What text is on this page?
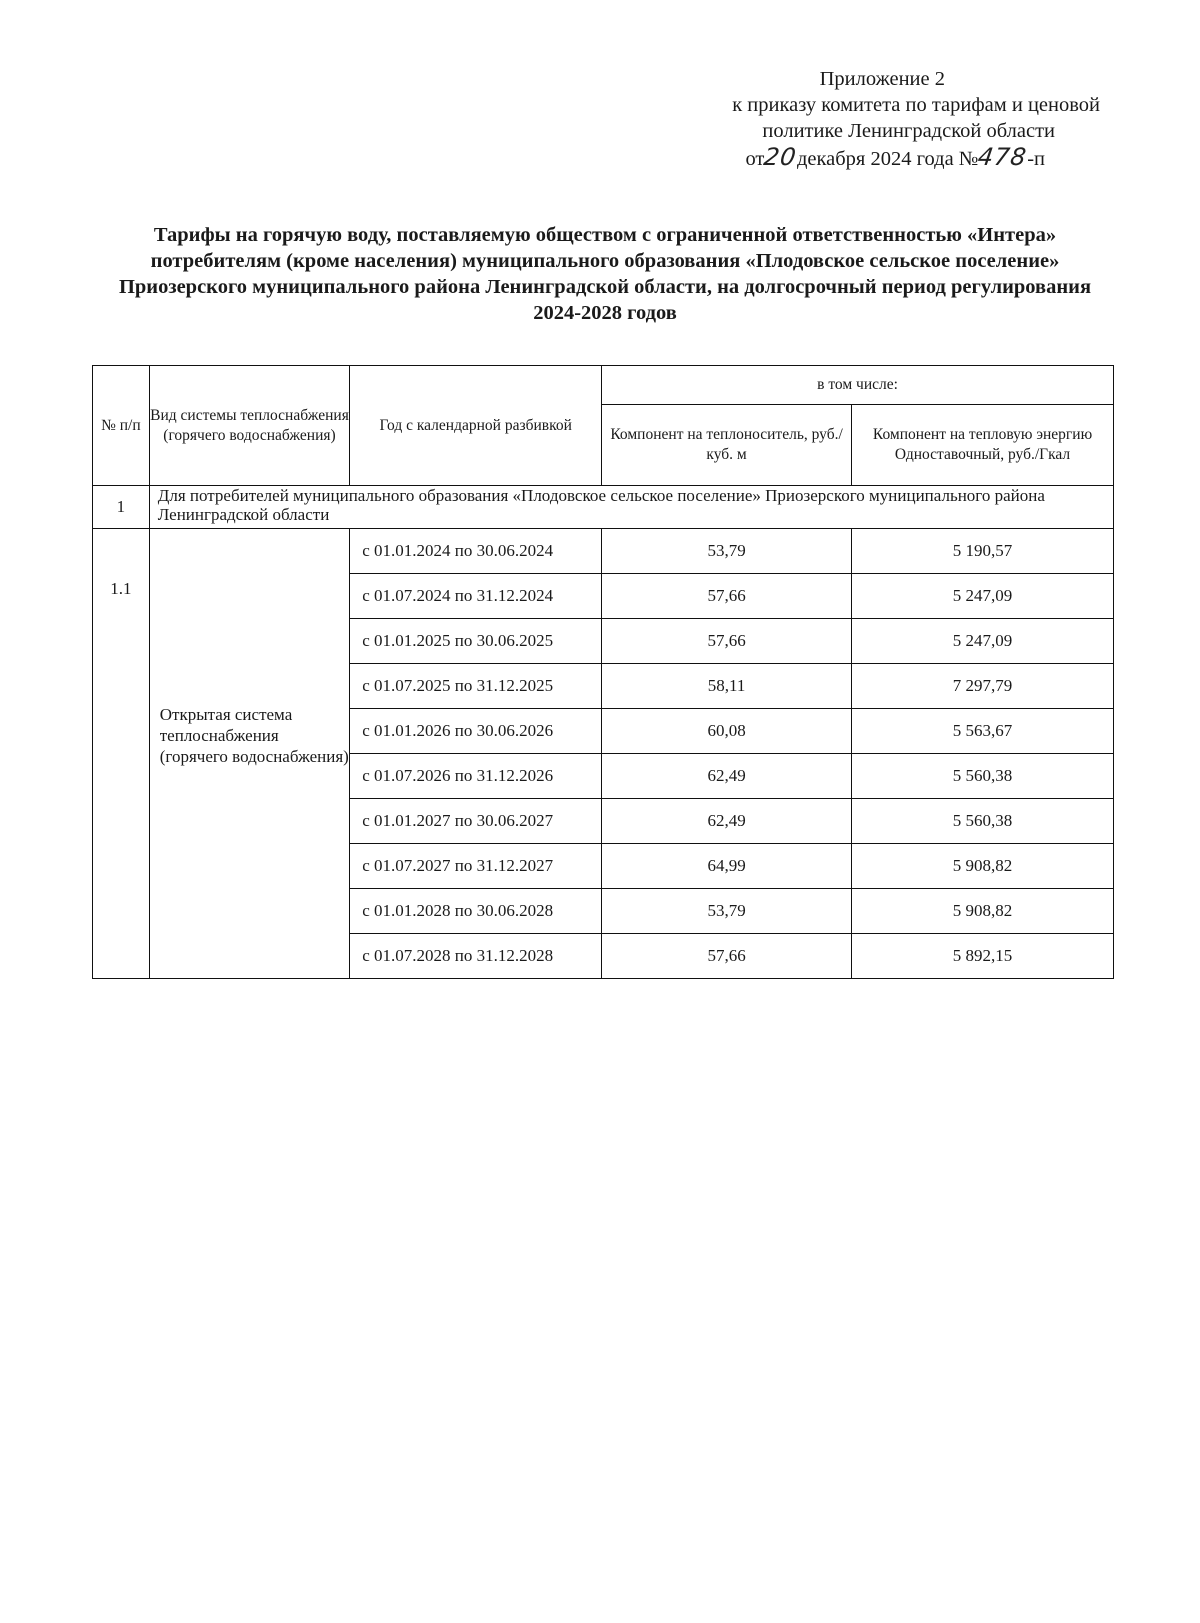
Приложение 2
к приказу комитета по тарифам и ценовой
политике Ленинградской области
от20декабря 2024 года №478-п
Тарифы на горячую воду, поставляемую обществом с ограниченной ответственностью «Интера» потребителям (кроме населения) муниципального образования «Плодовское сельское поселение» Приозерского муниципального района Ленинградской области, на долгосрочный период регулирования 2024-2028 годов
№ п/п	Вид системы теплоснабжения (горячего водоснабжения)	Год с календарной разбивкой	в том числе:	
			Компонент на теплоноситель, руб./куб. м	Компонент на тепловую энергию Одноставочный, руб./Гкал
1	Для потребителей муниципального образования «Плодовское сельское поселение» Приозерского муниципального района Ленинградской области			
1.1	Открытая система теплоснабжения (горячего водоснабжения)	с 01.01.2024 по 30.06.2024	53,79	5 190,57
		с 01.07.2024 по 31.12.2024	57,66	5 247,09
		с 01.01.2025 по 30.06.2025	57,66	5 247,09
		с 01.07.2025 по 31.12.2025	58,11	7 297,79
		с 01.01.2026 по 30.06.2026	60,08	5 563,67
		с 01.07.2026 по 31.12.2026	62,49	5 560,38
		с 01.01.2027 по 30.06.2027	62,49	5 560,38
		с 01.07.2027 по 31.12.2027	64,99	5 908,82
		с 01.01.2028 по 30.06.2028	53,79	5 908,82
		с 01.07.2028 по 31.12.2028	57,66	5 892,15
